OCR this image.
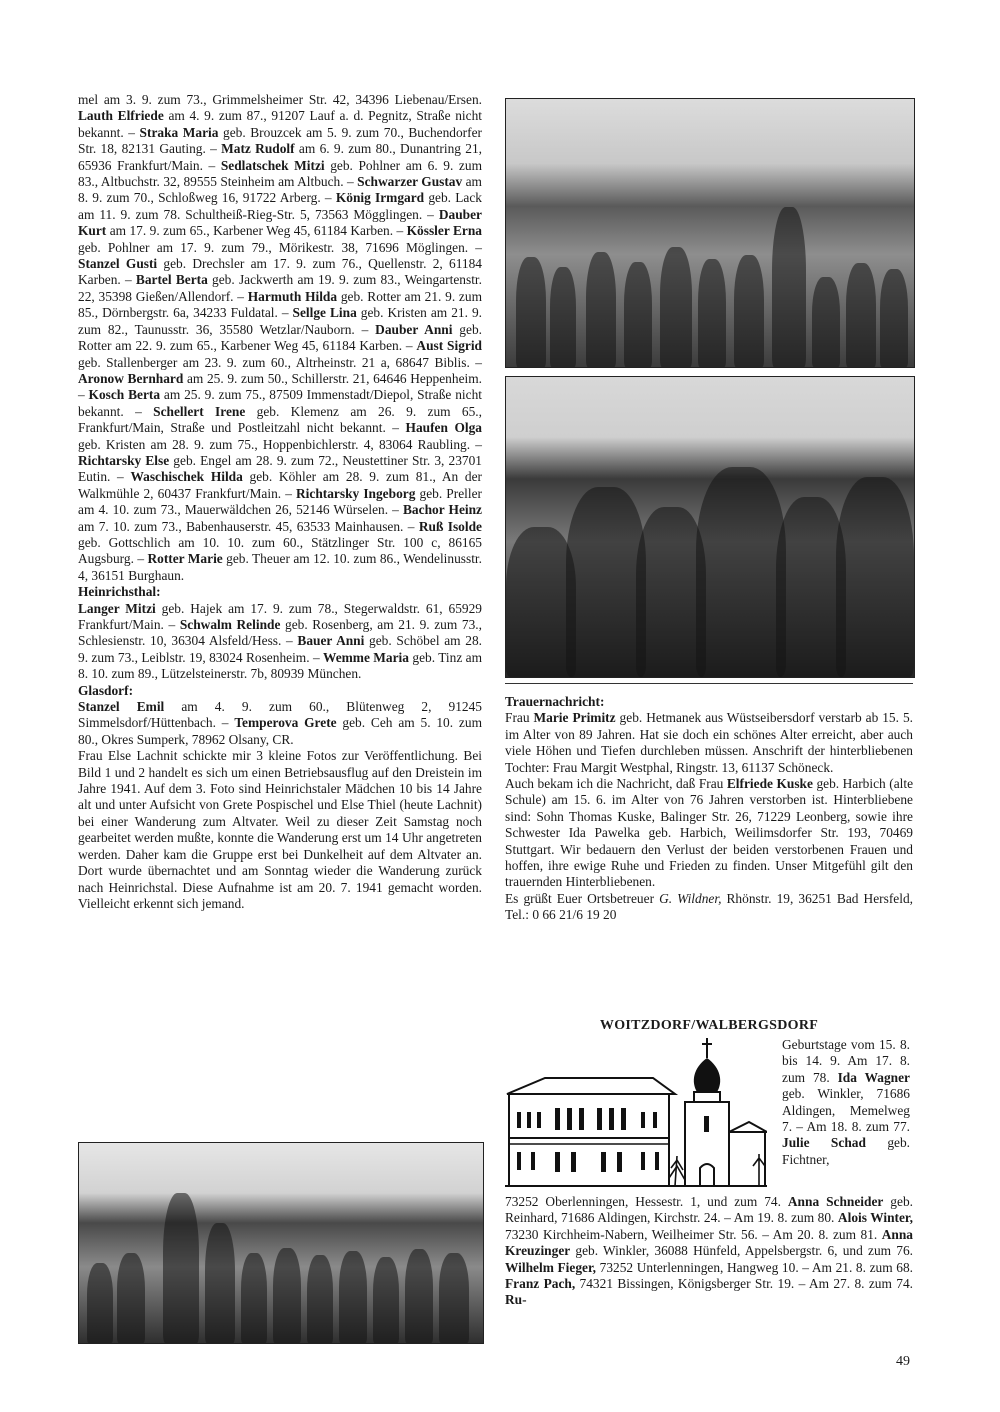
mel am 3. 9. zum 73., Grimmelsheimer Str. 42, 34396 Liebenau/Ersen. Lauth Elfriede am 4. 9. zum 87., 91207 Lauf a. d. Pegnitz, Straße nicht bekannt. – Straka Maria geb. Brouzcek am 5. 9. zum 70., Buchendorfer Str. 18, 82131 Gauting. – Matz Rudolf am 6. 9. zum 80., Dunantring 21, 65936 Frankfurt/Main. – Sedlatschek Mitzi geb. Pohlner am 6. 9. zum 83., Altbuchstr. 32, 89555 Steinheim am Altbuch. – Schwarzer Gustav am 8. 9. zum 70., Schloßweg 16, 91722 Arberg. – König Irmgard geb. Lack am 11. 9. zum 78. Schultheiß-Rieg-Str. 5, 73563 Mögglingen. – Dauber Kurt am 17. 9. zum 65., Karbener Weg 45, 61184 Karben. – Kössler Erna geb. Pohlner am 17. 9. zum 79., Mörikestr. 38, 71696 Möglingen. – Stanzel Gusti geb. Drechsler am 17. 9. zum 76., Quellenstr. 2, 61184 Karben. – Bartel Berta geb. Jackwerth am 19. 9. zum 83., Weingartenstr. 22, 35398 Gießen/Allendorf. – Harmuth Hilda geb. Rotter am 21. 9. zum 85., Dörnbergstr. 6a, 34233 Fuldatal. – Sellge Lina geb. Kristen am 21. 9. zum 82., Taunusstr. 36, 35580 Wetzlar/Nauborn. – Dauber Anni geb. Rotter am 22. 9. zum 65., Karbener Weg 45, 61184 Karben. – Aust Sigrid geb. Stallenberger am 23. 9. zum 60., Altrheinstr. 21 a, 68647 Biblis. – Aronow Bernhard am 25. 9. zum 50., Schillerstr. 21, 64646 Heppenheim. – Kosch Berta am 25. 9. zum 75., 87509 Immenstadt/Diepol, Straße nicht bekannt. – Schellert Irene geb. Klemenz am 26. 9. zum 65., Frankfurt/Main, Straße und Postleitzahl nicht bekannt. – Haufen Olga geb. Kristen am 28. 9. zum 75., Hoppenbichlerstr. 4, 83064 Raubling. – Richtarsky Else geb. Engel am 28. 9. zum 72., Neustettiner Str. 3, 23701 Eutin. – Waschischek Hilda geb. Köhler am 28. 9. zum 81., An der Walkmühle 2, 60437 Frankfurt/Main. – Richtarsky Ingeborg geb. Preller am 4. 10. zum 73., Mauerwäldchen 26, 52146 Würselen. – Bachor Heinz am 7. 10. zum 73., Babenhauserstr. 45, 63533 Mainhausen. – Ruß Isolde geb. Gottschlich am 10. 10. zum 60., Stätzlinger Str. 100 c, 86165 Augsburg. – Rotter Marie geb. Theuer am 12. 10. zum 86., Wendelinusstr. 4, 36151 Burghaun.

Heinrichsthal:

Langer Mitzi geb. Hajek am 17. 9. zum 78., Stegerwaldstr. 61, 65929 Frankfurt/Main. – Schwalm Relinde geb. Rosenberg, am 21. 9. zum 73., Schlesienstr. 10, 36304 Alsfeld/Hess. – Bauer Anni geb. Schöbel am 28. 9. zum 73., Leiblstr. 19, 83024 Rosenheim. – Wemme Maria geb. Tinz am 8. 10. zum 89., Lützelsteinerstr. 7b, 80939 München.

Glasdorf:

Stanzel Emil am 4. 9. zum 60., Blütenweg 2, 91245 Simmelsdorf/Hüttenbach. – Temperova Grete geb. Ceh am 5. 10. zum 80., Okres Sumperk, 78962 Olsany, CR.

Frau Else Lachnit schickte mir 3 kleine Fotos zur Veröffentlichung. Bei Bild 1 und 2 handelt es sich um einen Betriebsausflug auf den Dreistein im Jahre 1941. Auf dem 3. Foto sind Heinrichstaler Mädchen 10 bis 14 Jahre alt und unter Aufsicht von Grete Pospischel und Else Thiel (heute Lachnit) bei einer Wanderung zum Altvater. Weil zu dieser Zeit Samstag noch gearbeitet werden mußte, konnte die Wanderung erst um 14 Uhr angetreten werden. Daher kam die Gruppe erst bei Dunkelheit auf dem Altvater an. Dort wurde übernachtet und am Sonntag wieder die Wanderung zurück nach Heinrichstal. Diese Aufnahme ist am 20. 7. 1941 gemacht worden. Vielleicht erkennt sich jemand.

Trauernachricht:

Frau Marie Primitz geb. Hetmanek aus Wüstseibersdorf verstarb ab 15. 5. im Alter von 89 Jahren. Hat sie doch ein schönes Alter erreicht, aber auch viele Höhen und Tiefen durchleben müssen. Anschrift der hinterbliebenen Tochter: Frau Margit Westphal, Ringstr. 13, 61137 Schöneck.

Auch bekam ich die Nachricht, daß Frau Elfriede Kuske geb. Harbich (alte Schule) am 15. 6. im Alter von 76 Jahren verstorben ist. Hinterbliebene sind: Sohn Thomas Kuske, Balinger Str. 26, 71229 Leonberg, sowie ihre Schwester Ida Pawelka geb. Harbich, Weilimsdorfer Str. 193, 70469 Stuttgart. Wir bedauern den Verlust der beiden verstorbenen Frauen und hoffen, ihre ewige Ruhe und Frieden zu finden. Unser Mitgefühl gilt den trauernden Hinterbliebenen.

Es grüßt Euer Ortsbetreuer G. Wildner, Rhönstr. 19, 36251 Bad Hersfeld, Tel.: 0 66 21/6 19 20

WOITZDORF/WALBERGSDORF
Geburtstage vom 15. 8. bis 14. 9. Am 17. 8. zum 78. Ida Wagner geb. Winkler, 71686 Aldingen, Memelweg 7. – Am 18. 8. zum 77. Julie Schad geb. Fichtner,
73252 Oberlenningen, Hessestr. 1, und zum 74. Anna Schneider geb. Reinhard, 71686 Aldingen, Kirchstr. 24. – Am 19. 8. zum 80. Alois Winter, 73230 Kirchheim-Nabern, Weilheimer Str. 56. – Am 20. 8. zum 81. Anna Kreuzinger geb. Winkler, 36088 Hünfeld, Appelsbergstr. 6, und zum 76. Wilhelm Fieger, 73252 Unterlenningen, Hangweg 10. – Am 21. 8. zum 68. Franz Pach, 74321 Bissingen, Königsberger Str. 19. – Am 27. 8. zum 74. Ru-
49
